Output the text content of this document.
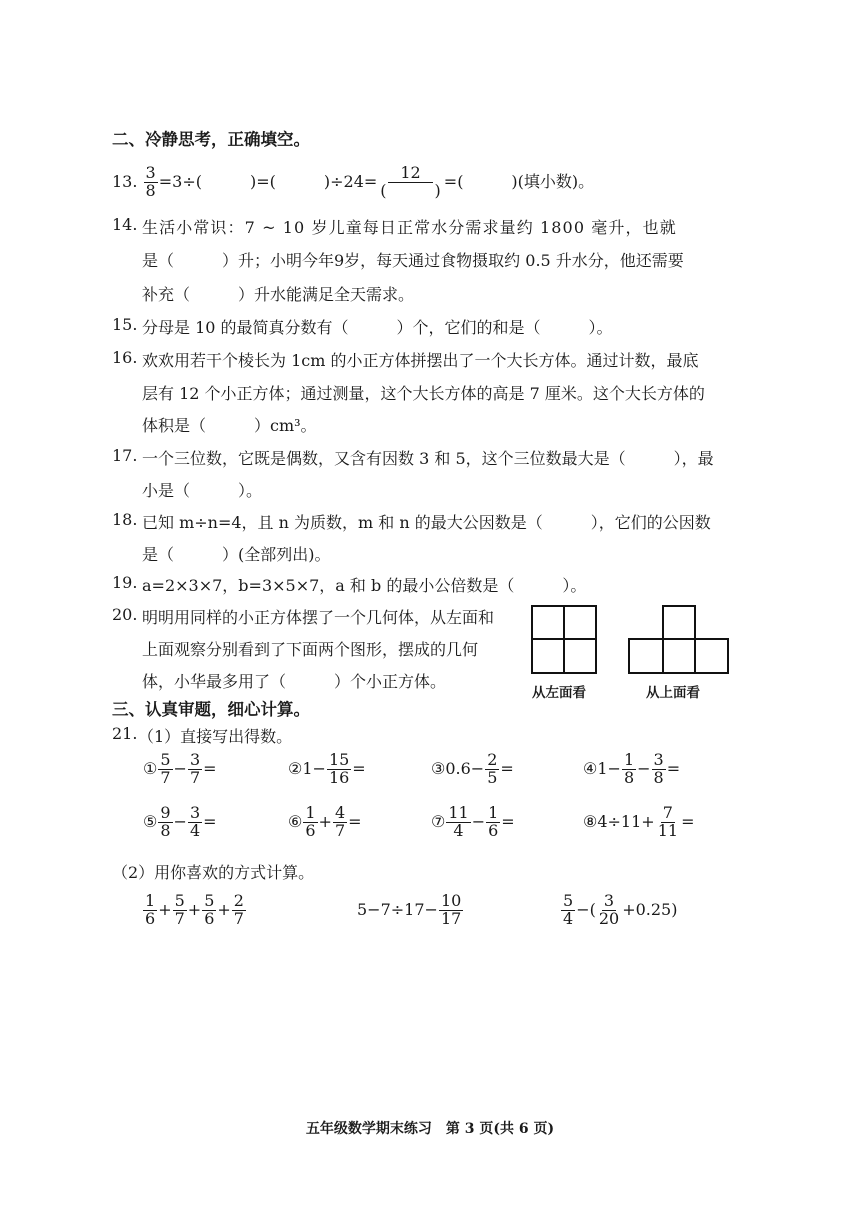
二、冷静思考，正确填空。
13. $\frac{3}{8} =3\div$(　　　)=(　　　)$\div 24= \frac{12}{( )}$ =(　　　)(填小数)。
14. 生活小常识：7 ~ 10 岁儿童每日正常水分需求量约 1800 毫升，也就
是（　　　）升；小明今年9岁，每天通过食物摄取约 0.5 升水分，他还需要
补充（　　　）升水能满足全天需求。
15. 分母是 10 的最简真分数有（　　　）个，它们的和是（　　　）。
16. 欢欢用若干个棱长为 1cm 的小正方体拼摆出了一个大长方体。通过计数，最底
层有 12 个小正方体；通过测量，这个大长方体的高是 7 厘米。这个大长方体的
体积是（　　　）cm³。
17. 一个三位数，它既是偶数，又含有因数 3 和 5，这个三位数最大是（　　　），最
小是（　　　）。
18. 已知 m÷n=4，且 n 为质数，m 和 n 的最大公因数是（　　　），它们的公因数
是（　　　）(全部列出)。
19. a=2×3×7，b=3×5×7，a 和 b 的最小公倍数是（　　　）。
20. 明明用同样的小正方体摆了一个几何体，从左面和
上面观察分别看到了下面两个图形，摆成的几何
体，小华最多用了（　　　）个小正方体。
从左面看	从上面看
三、认真审题，细心计算。
21. （1）直接写出得数。
① $\frac{5}{7} - \frac{3}{7}$ =	②1− $\frac{15}{16}$ =	③0.6− $\frac{2}{5}$ =	④1− $\frac{1}{8} - \frac{3}{8}$ =
⑤ $\frac{9}{8} - \frac{3}{4}$ =	⑥ $\frac{1}{6} + \frac{4}{7}$ =	⑦ $\frac{11}{4} - \frac{1}{6}$ =	⑧4÷11+ $\frac{7}{11}$ =
（2）用你喜欢的方式计算。
$\frac{1}{6} + \frac{5}{7} + \frac{5}{6} + \frac{2}{7}$	$5-7\div 17- \frac{10}{17}$	$\frac{5}{4}$ −( $\frac{3}{20} +0.25$)
五年级数学期末练习　第 3 页(共 6 页)
